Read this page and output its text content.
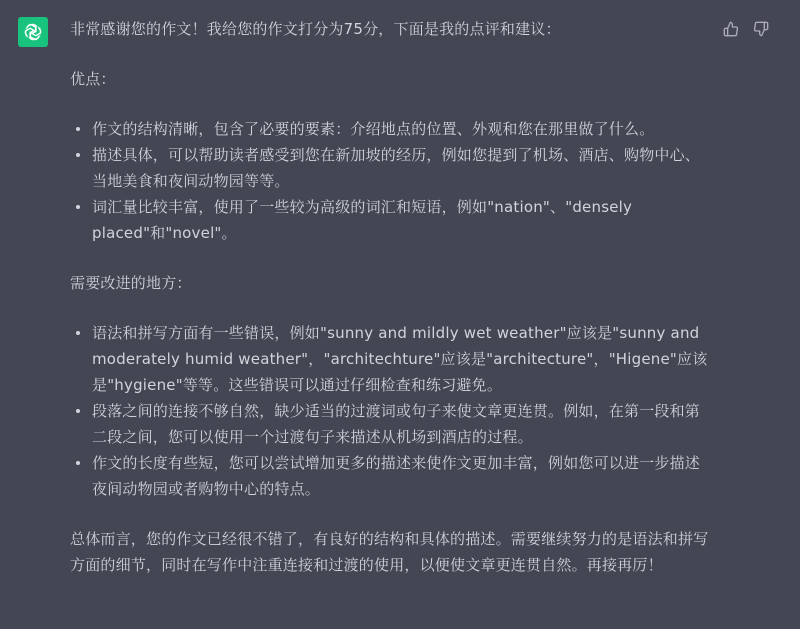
非常感谢您的作文！我给您的作文打分为75分，下面是我的点评和建议：

优点：

作文的结构清晰，包含了必要的要素：介绍地点的位置、外观和您在那里做了什么。
描述具体，可以帮助读者感受到您在新加坡的经历，例如您提到了机场、酒店、购物中心、当地美食和夜间动物园等等。
词汇量比较丰富，使用了一些较为高级的词汇和短语，例如"nation"、"densely placed"和"novel"。

需要改进的地方：

语法和拼写方面有一些错误，例如"sunny and mildly wet weather"应该是"sunny and moderately humid weather"，"architechture"应该是"architecture"，"Higene"应该是"hygiene"等等。这些错误可以通过仔细检查和练习避免。
段落之间的连接不够自然，缺少适当的过渡词或句子来使文章更连贯。例如，在第一段和第二段之间，您可以使用一个过渡句子来描述从机场到酒店的过程。
作文的长度有些短，您可以尝试增加更多的描述来使作文更加丰富，例如您可以进一步描述夜间动物园或者购物中心的特点。

总体而言，您的作文已经很不错了，有良好的结构和具体的描述。需要继续努力的是语法和拼写方面的细节，同时在写作中注重连接和过渡的使用，以便使文章更连贯自然。再接再厉！
